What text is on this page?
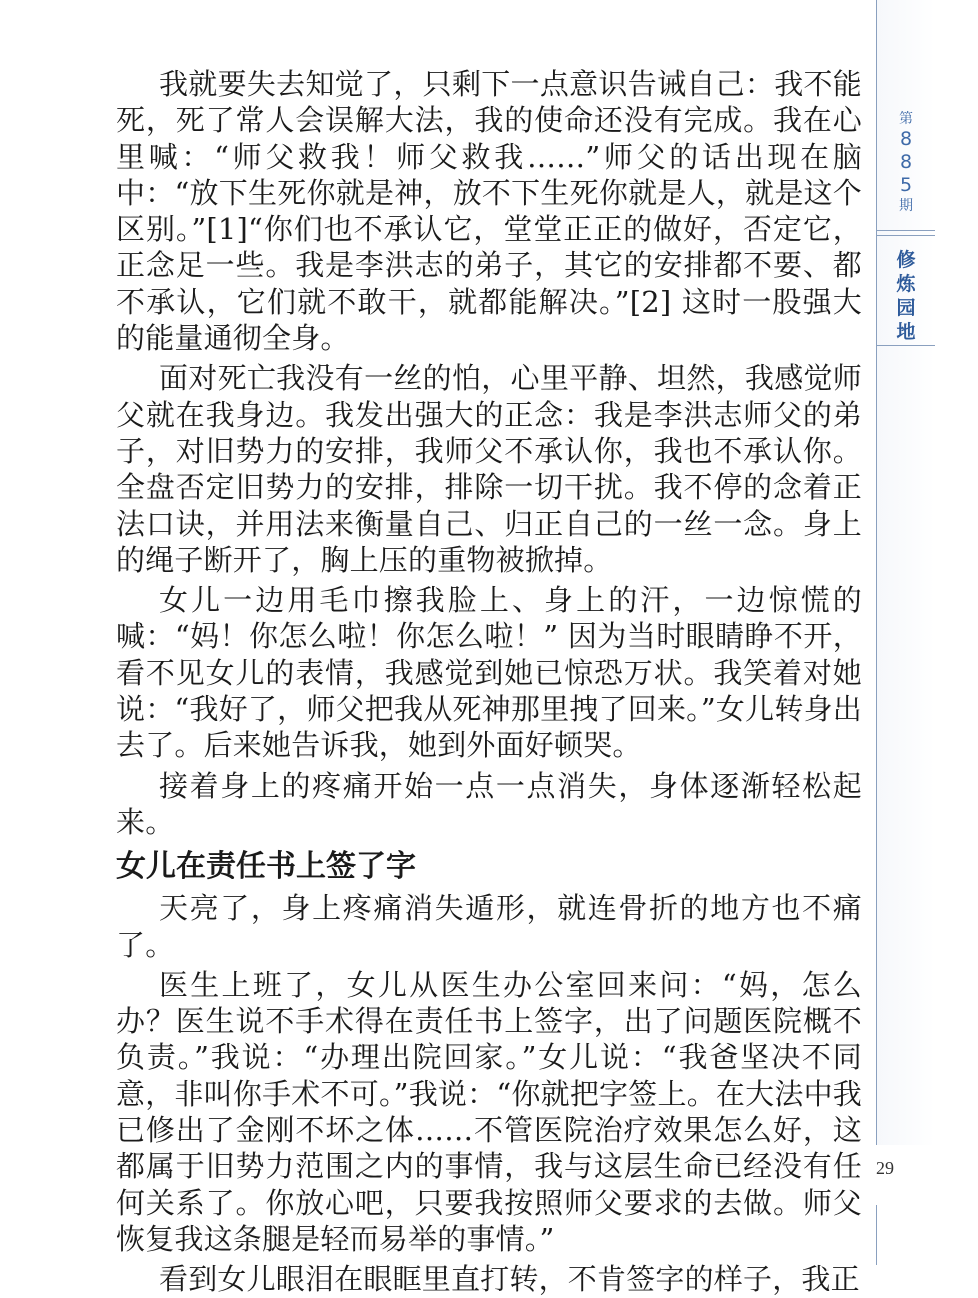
我就要失去知觉了，只剩下一点意识告诫自己：我不能死，死了常人会误解大法，我的使命还没有完成。我在心里喊：“师父救我！师父救我……”师父的话出现在脑中：“放下生死你就是神，放不下生死你就是人，就是这个区别。”[1]“你们也不承认它，堂堂正正的做好，否定它，正念足一些。我是李洪志的弟子，其它的安排都不要、都不承认，它们就不敢干，就都能解决。”[2] 这时一股强大的能量通彻全身。

面对死亡我没有一丝的怕，心里平静、坦然，我感觉师父就在我身边。我发出强大的正念：我是李洪志师父的弟子，对旧势力的安排，我师父不承认你，我也不承认你。全盘否定旧势力的安排，排除一切干扰。我不停的念着正法口诀，并用法来衡量自己、归正自己的一丝一念。身上的绳子断开了，胸上压的重物被掀掉。

女儿一边用毛巾擦我脸上、身上的汗，一边惊慌的喊：“妈！你怎么啦！你怎么啦！” 因为当时眼睛睁不开，看不见女儿的表情，我感觉到她已惊恐万状。我笑着对她说：“我好了，师父把我从死神那里拽了回来。”女儿转身出去了。后来她告诉我，她到外面好顿哭。

接着身上的疼痛开始一点一点消失，身体逐渐轻松起来。

女儿在责任书上签了字

天亮了，身上疼痛消失遁形，就连骨折的地方也不痛了。

医生上班了，女儿从医生办公室回来问：“妈，怎么办？医生说不手术得在责任书上签字，出了问题医院概不负责。”我说：“办理出院回家。”女儿说：“我爸坚决不同意，非叫你手术不可。”我说：“你就把字签上。在大法中我已修出了金刚不坏之体……不管医院治疗效果怎么好，这都属于旧势力范围之内的事情，我与这层生命已经没有任何关系了。你放心吧，只要我按照师父要求的去做。师父恢复我这条腿是轻而易举的事情。”

看到女儿眼泪在眼眶里直打转，不肯签字的样子，我正

第
8
8
5
期
修
炼
园
地
29
